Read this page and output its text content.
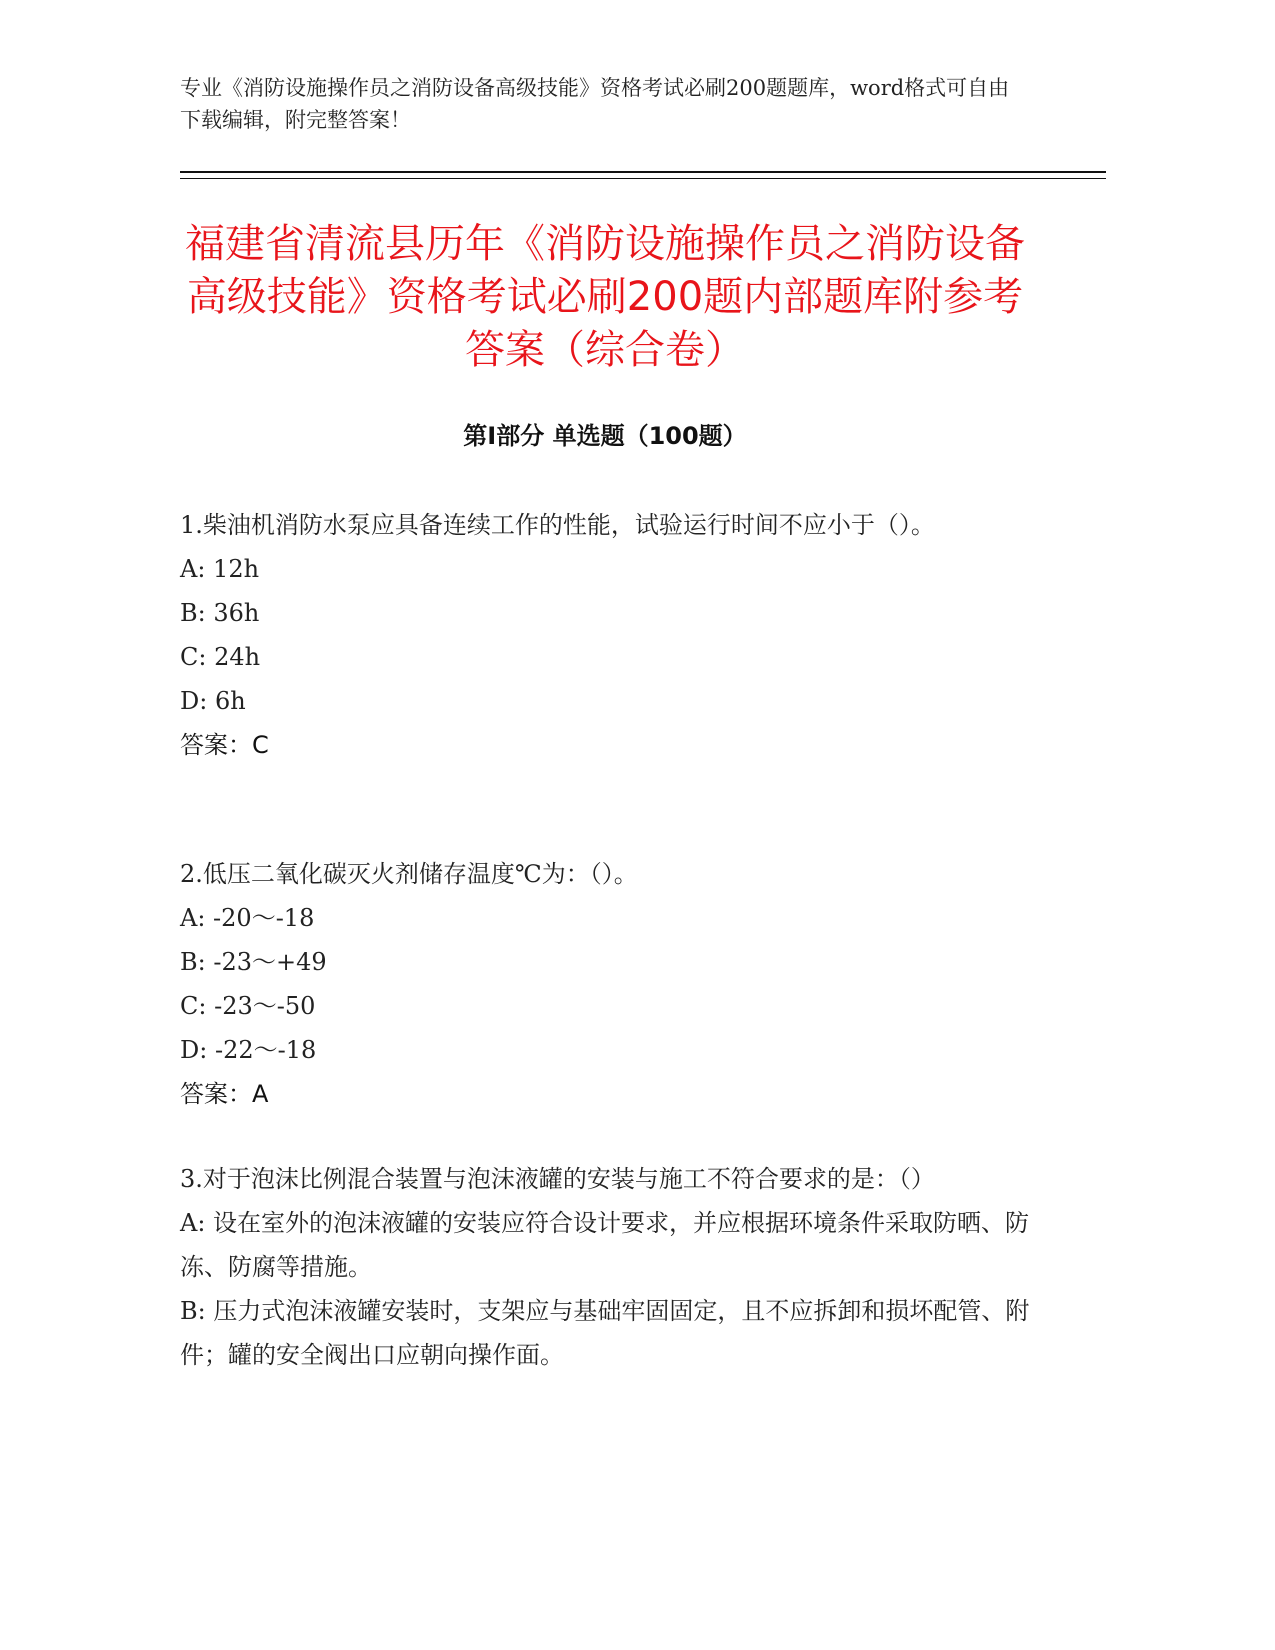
专业《消防设施操作员之消防设备高级技能》资格考试必刷200题题库，word格式可自由下载编辑，附完整答案！
福建省清流县历年《消防设施操作员之消防设备高级技能》资格考试必刷200题内部题库附参考答案（综合卷）
第Ⅰ部分 单选题（100题）
1.柴油机消防水泵应具备连续工作的性能，试验运行时间不应小于（）。
A: 12h
B: 36h
C: 24h
D: 6h
答案：C
2.低压二氧化碳灭火剂储存温度℃为：（）。
A: -20～-18
B: -23～+49
C: -23～-50
D: -22～-18
答案：A
3.对于泡沫比例混合装置与泡沫液罐的安装与施工不符合要求的是：（）
A: 设在室外的泡沫液罐的安装应符合设计要求，并应根据环境条件采取防晒、防冻、防腐等措施。
B: 压力式泡沫液罐安装时，支架应与基础牢固固定，且不应拆卸和损坏配管、附件；罐的安全阀出口应朝向操作面。
